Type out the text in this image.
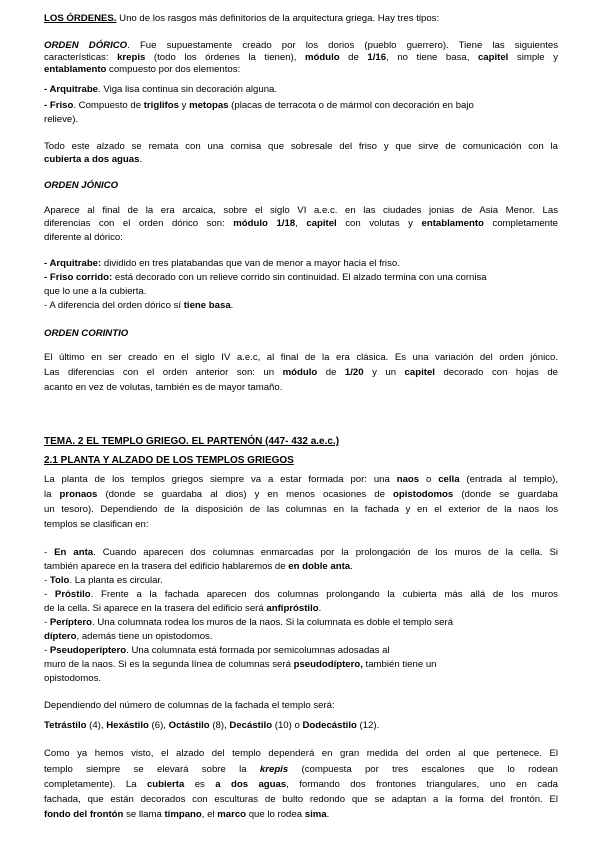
LOS ÓRDENES. Uno de los rasgos más definitorios de la arquitectura griega. Hay tres tipos:

ORDEN DÓRICO. Fue supuestamente creado por los dorios (pueblo guerrero). Tiene las siguientes

características: krepis (todo los órdenes la tienen), módulo de 1/16, no tiene basa, capitel simple y

entablamento compuesto por dos elementos:

- Arquitrabe. Viga lisa continua sin decoración alguna.

- Friso. Compuesto de triglifos y metopas (placas de terracota o de mármol con decoración en bajo

relieve).

Todo este alzado se remata con una cornisa que sobresale del friso y que sirve de comunicación con la

cubierta a dos aguas.

ORDEN JÓNICO

Aparece al final de la era arcaica, sobre el siglo VI a.e.c. en las ciudades jonias de Asia Menor. Las

diferencias con el orden dórico son: módulo 1/18, capitel con volutas y entablamento completamente

diferente al dórico:

- Arquitrabe: dividido en tres platabandas que van de menor a mayor hacia el friso.

- Friso corrido: está decorado con un relieve corrido sin continuidad. El alzado termina con una cornisa

que lo une a la cubierta.

- A diferencia del orden dórico sí tiene basa.

ORDEN CORINTIO

El último en ser creado en el siglo IV a.e.c, al final de la era clásica. Es una variación del orden jónico.

Las diferencias con el orden anterior son: un módulo de 1/20 y un capitel decorado con hojas de

acanto en vez de volutas, también es de mayor tamaño.

TEMA. 2 EL TEMPLO GRIEGO. EL PARTENÓN (447- 432 a.e.c.)

2.1 PLANTA Y ALZADO DE LOS TEMPLOS GRIEGOS

La planta de los templos griegos siempre va a estar formada por: una naos o cella (entrada al templo),

la pronaos (donde se guardaba al dios) y en menos ocasiones de opistodomos (donde se guardaba

un tesoro). Dependiendo de la disposición de las columnas en la fachada y en el exterior de la naos los

templos se clasifican en:

- En anta. Cuando aparecen dos columnas enmarcadas por la prolongación de los muros de la cella. Si

también aparece en la trasera del edificio hablaremos de en doble anta.

- Tolo. La planta es circular.

- Próstilo. Frente a la fachada aparecen dos columnas prolongando la cubierta más allá de los muros

de la cella. Si aparece en la trasera del edificio será anfipróstilo.

- Períptero. Una columnata rodea los muros de la naos. Si la columnata es doble el templo será

díptero, además tiene un opistodomos.

- Pseudoperíptero. Una columnata está formada por semicolumnas adosadas al

muro de la naos. Si es la segunda línea de columnas será pseudodíptero, también tiene un

opistodomos.

Dependiendo del número de columnas de la fachada el templo será:

Tetrástilo (4), Hexástilo (6), Octástilo (8), Decástilo (10) o Dodecástilo (12).

Como ya hemos visto, el alzado del templo dependerá en gran medida del orden al que pertenece. El

templo siempre se elevará sobre la krepis (compuesta por tres escalones que lo rodean

completamente). La cubierta es a dos aguas, formando dos frontones triangulares, uno en cada

fachada, que están decorados con esculturas de bulto redondo que se adaptan a la forma del frontón. El

fondo del frontón se llama tímpano, el marco que lo rodea sima.
